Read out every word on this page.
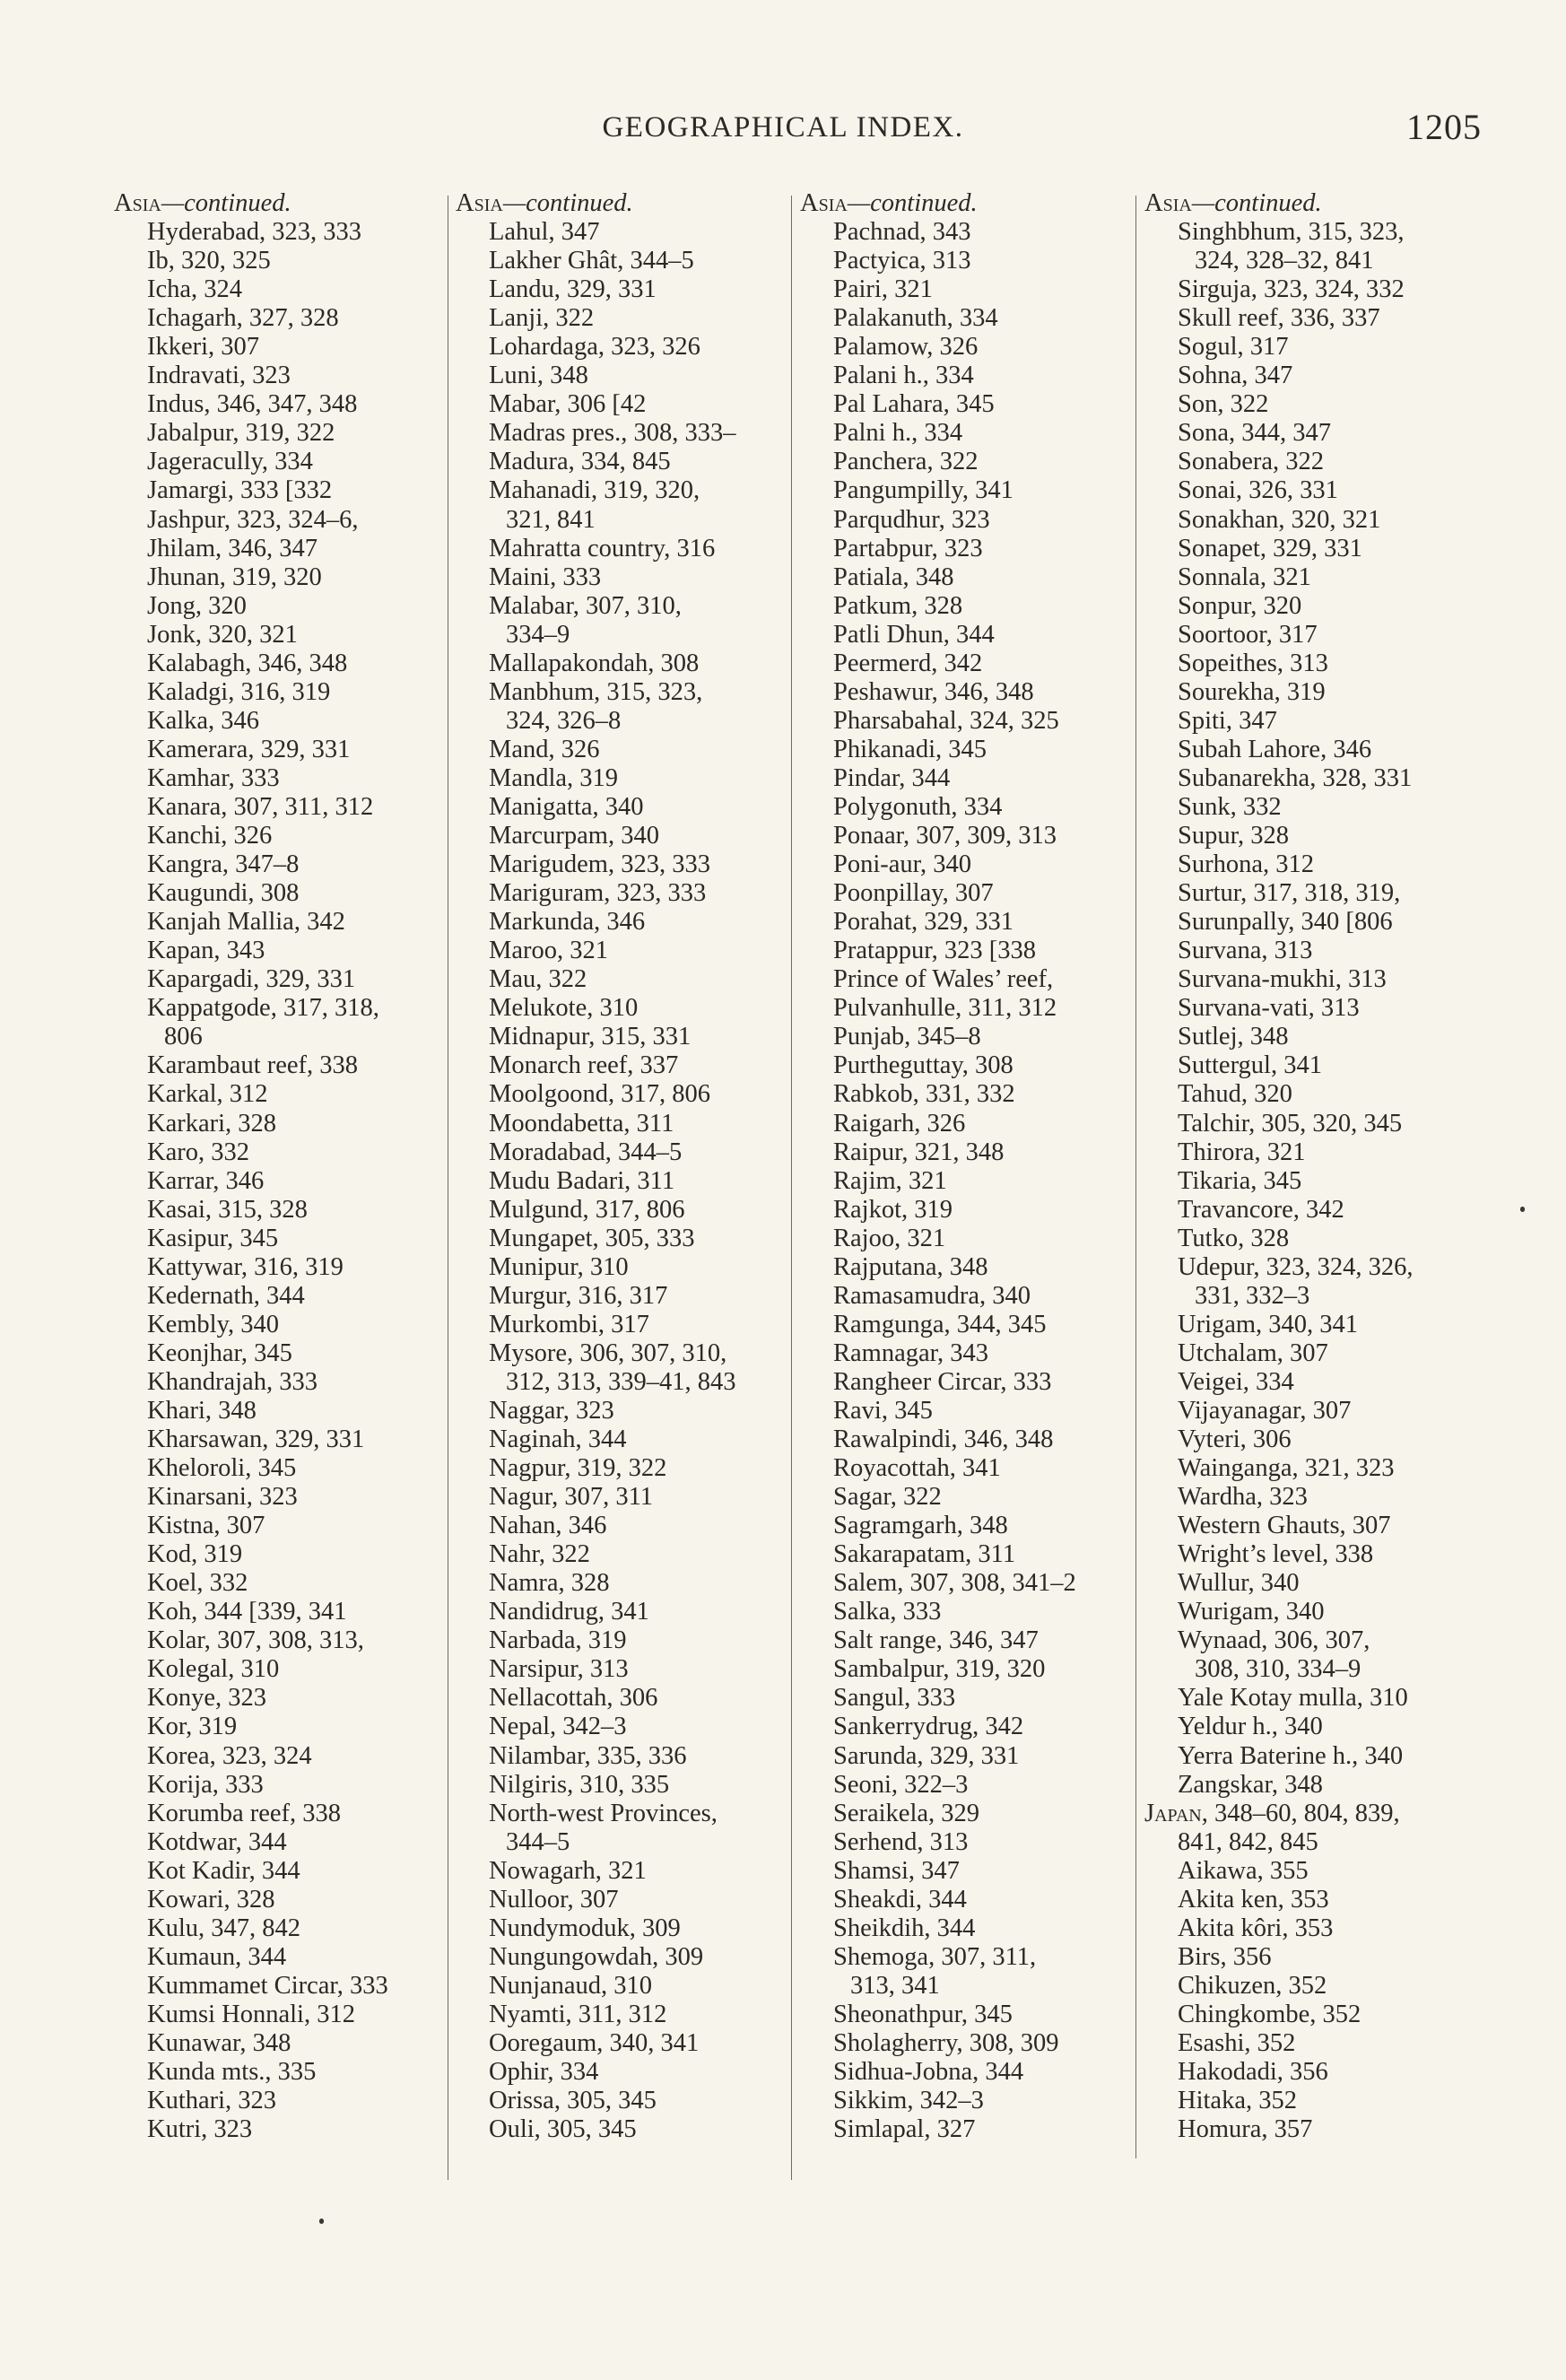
GEOGRAPHICAL INDEX.	1205
Asia—continued.
Hyderabad, 323, 333
Ib, 320, 325
Icha, 324
Ichagarh, 327, 328
Ikkeri, 307
Indravati, 323
Indus, 346, 347, 348
Jabalpur, 319, 322
Jageracully, 334
Jamargi, 333 [332
Jashpur, 323, 324–6,
Jhilam, 346, 347
Jhunan, 319, 320
Jong, 320
Jonk, 320, 321
Kalabagh, 346, 348
Kaladgi, 316, 319
Kalka, 346
Kamerara, 329, 331
Kamhar, 333
Kanara, 307, 311, 312
Kanchi, 326
Kangra, 347–8
Kaugundi, 308
Kanjah Mallia, 342
Kapan, 343
Kapargadi, 329, 331
Kappatgode, 317, 318,
806
Karambaut reef, 338
Karkal, 312
Karkari, 328
Karo, 332
Karrar, 346
Kasai, 315, 328
Kasipur, 345
Kattywar, 316, 319
Kedernath, 344
Kembly, 340
Keonjhar, 345
Khandrajah, 333
Khari, 348
Kharsawan, 329, 331
Kheloroli, 345
Kinarsani, 323
Kistna, 307
Kod, 319
Koel, 332
Koh, 344 [339, 341
Kolar, 307, 308, 313,
Kolegal, 310
Konye, 323
Kor, 319
Korea, 323, 324
Korija, 333
Korumba reef, 338
Kotdwar, 344
Kot Kadir, 344
Kowari, 328
Kulu, 347, 842
Kumaun, 344
Kummamet Circar, 333
Kumsi Honnali, 312
Kunawar, 348
Kunda mts., 335
Kuthari, 323
Kutri, 323
Asia—continued.
Lahul, 347
Lakher Ghât, 344–5
Landu, 329, 331
Lanji, 322
Lohardaga, 323, 326
Luni, 348
Mabar, 306 [42
Madras pres., 308, 333–
Madura, 334, 845
Mahanadi, 319, 320,
321, 841
Mahratta country, 316
Maini, 333
Malabar, 307, 310,
334–9
Mallapakondah, 308
Manbhum, 315, 323,
324, 326–8
Mand, 326
Mandla, 319
Manigatta, 340
Marcurpam, 340
Marigudem, 323, 333
Mariguram, 323, 333
Markunda, 346
Maroo, 321
Mau, 322
Melukote, 310
Midnapur, 315, 331
Monarch reef, 337
Moolgoond, 317, 806
Moondabetta, 311
Moradabad, 344–5
Mudu Badari, 311
Mulgund, 317, 806
Mungapet, 305, 333
Munipur, 310
Murgur, 316, 317
Murkombi, 317
Mysore, 306, 307, 310,
312, 313, 339–41, 843
Naggar, 323
Naginah, 344
Nagpur, 319, 322
Nagur, 307, 311
Nahan, 346
Nahr, 322
Namra, 328
Nandidrug, 341
Narbada, 319
Narsipur, 313
Nellacottah, 306
Nepal, 342–3
Nilambar, 335, 336
Nilgiris, 310, 335
North-west Provinces,
344–5
Nowagarh, 321
Nulloor, 307
Nundymoduk, 309
Nungungowdah, 309
Nunjanaud, 310
Nyamti, 311, 312
Ooregaum, 340, 341
Ophir, 334
Orissa, 305, 345
Ouli, 305, 345
Asia—continued.
Pachnad, 343
Pactyica, 313
Pairi, 321
Palakanuth, 334
Palamow, 326
Palani h., 334
Pal Lahara, 345
Palni h., 334
Panchera, 322
Pangumpilly, 341
Parqudhur, 323
Partabpur, 323
Patiala, 348
Patkum, 328
Patli Dhun, 344
Peermerd, 342
Peshawur, 346, 348
Pharsabahal, 324, 325
Phikanadi, 345
Pindar, 344
Polygonuth, 334
Ponaar, 307, 309, 313
Poni-aur, 340
Poonpillay, 307
Porahat, 329, 331
Pratappur, 323 [338
Prince of Wales’ reef,
Pulvanhulle, 311, 312
Punjab, 345–8
Purtheguttay, 308
Rabkob, 331, 332
Raigarh, 326
Raipur, 321, 348
Rajim, 321
Rajkot, 319
Rajoo, 321
Rajputana, 348
Ramasamudra, 340
Ramgunga, 344, 345
Ramnagar, 343
Rangheer Circar, 333
Ravi, 345
Rawalpindi, 346, 348
Royacottah, 341
Sagar, 322
Sagramgarh, 348
Sakarapatam, 311
Salem, 307, 308, 341–2
Salka, 333
Salt range, 346, 347
Sambalpur, 319, 320
Sangul, 333
Sankerrydrug, 342
Sarunda, 329, 331
Seoni, 322–3
Seraikela, 329
Serhend, 313
Shamsi, 347
Sheakdi, 344
Sheikdih, 344
Shemoga, 307, 311,
313, 341
Sheonathpur, 345
Sholagherry, 308, 309
Sidhua-Jobna, 344
Sikkim, 342–3
Simlapal, 327
Asia—continued.
Singhbhum, 315, 323,
324, 328–32, 841
Sirguja, 323, 324, 332
Skull reef, 336, 337
Sogul, 317
Sohna, 347
Son, 322
Sona, 344, 347
Sonabera, 322
Sonai, 326, 331
Sonakhan, 320, 321
Sonapet, 329, 331
Sonnala, 321
Sonpur, 320
Soortoor, 317
Sopeithes, 313
Sourekha, 319
Spiti, 347
Subah Lahore, 346
Subanarekha, 328, 331
Sunk, 332
Supur, 328
Surhona, 312
Surtur, 317, 318, 319,
Surunpally, 340 [806
Survana, 313
Survana-mukhi, 313
Survana-vati, 313
Sutlej, 348
Suttergul, 341
Tahud, 320
Talchir, 305, 320, 345
Thirora, 321
Tikaria, 345
Travancore, 342
Tutko, 328
Udepur, 323, 324, 326,
331, 332–3
Urigam, 340, 341
Utchalam, 307
Veigei, 334
Vijayanagar, 307
Vyteri, 306
Wainganga, 321, 323
Wardha, 323
Western Ghauts, 307
Wright’s level, 338
Wullur, 340
Wurigam, 340
Wynaad, 306, 307,
308, 310, 334–9
Yale Kotay mulla, 310
Yeldur h., 340
Yerra Baterine h., 340
Zangskar, 348
Japan, 348–60, 804, 839,
841, 842, 845
Aikawa, 355
Akita ken, 353
Akita kôri, 353
Birs, 356
Chikuzen, 352
Chingkombe, 352
Esashi, 352
Hakodadi, 356
Hitaka, 352
Homura, 357
